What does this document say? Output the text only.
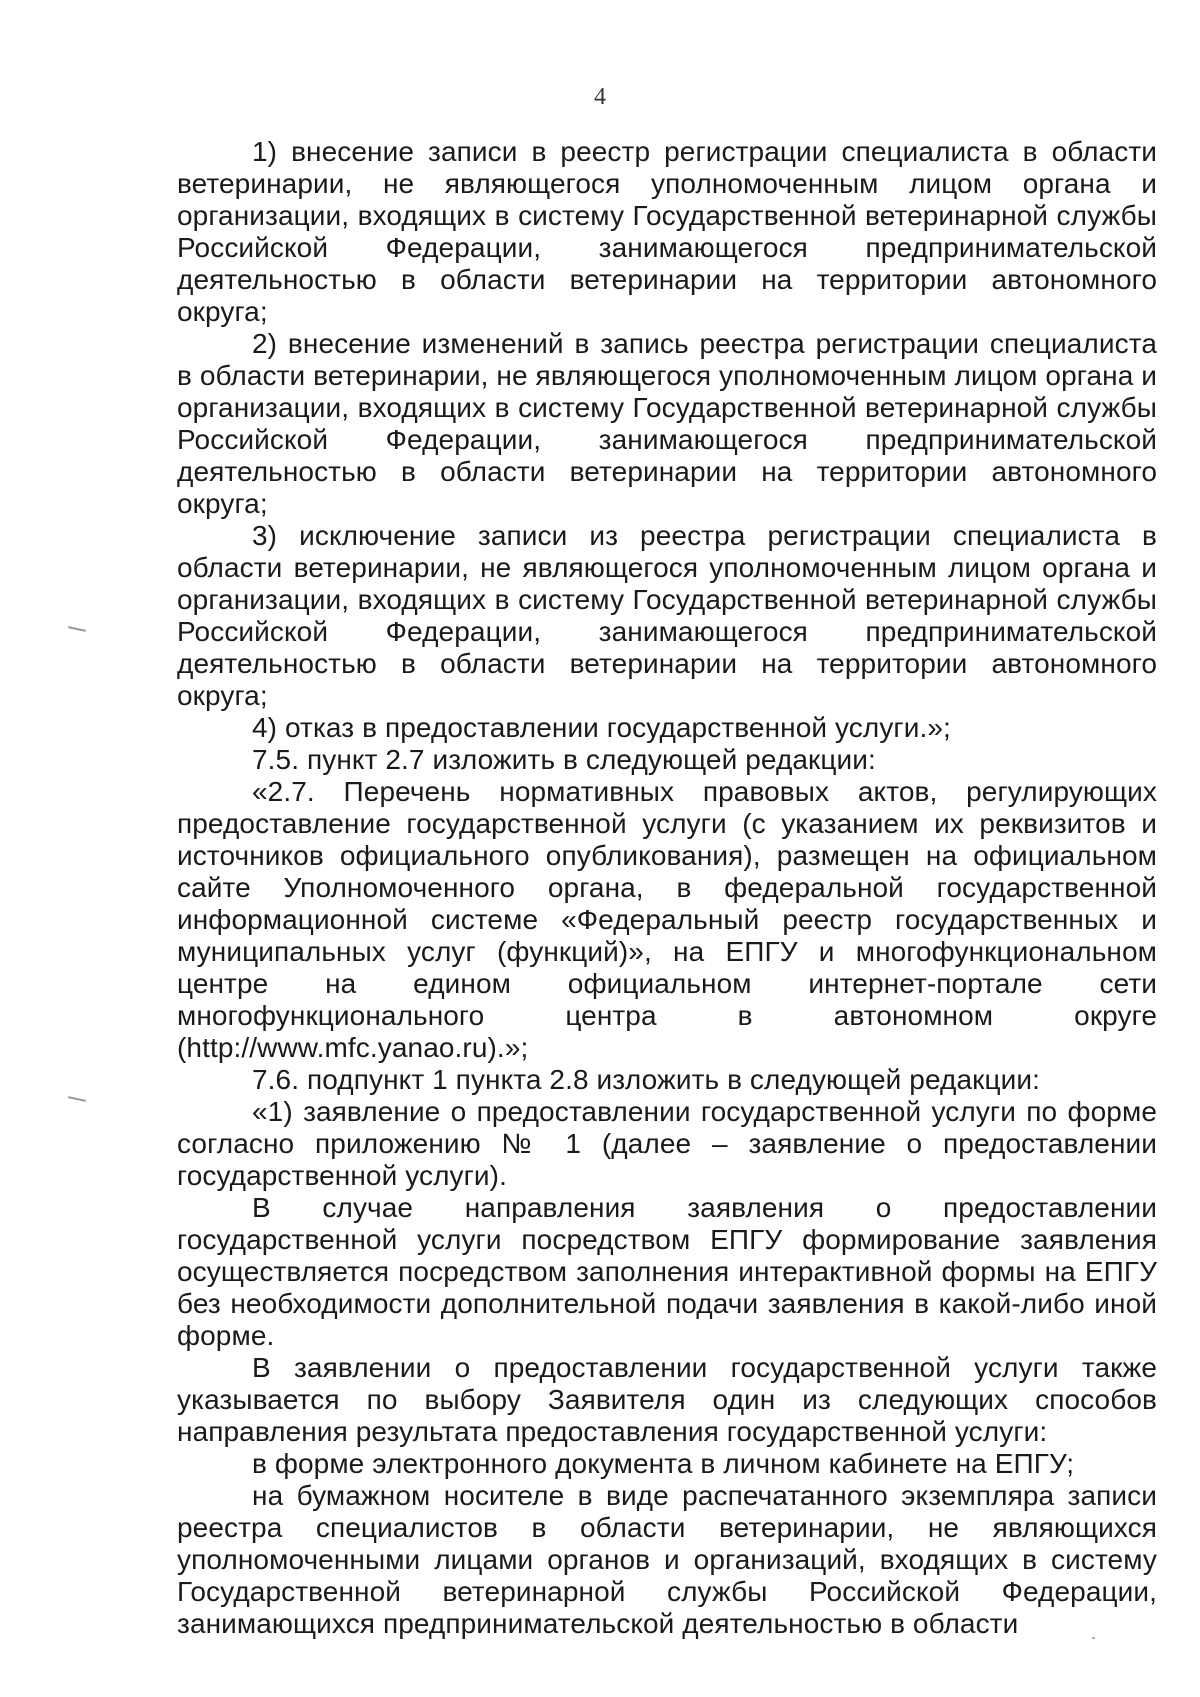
4

1) внесение записи в реестр регистрации специалиста в области ветеринарии, не являющегося уполномоченным лицом органа и организации, входящих в систему Государственной ветеринарной службы Российской Федерации, занимающегося предпринимательской деятельностью в области ветеринарии на территории автономного округа;

2) внесение изменений в запись реестра регистрации специалиста в области ветеринарии, не являющегося уполномоченным лицом органа и организации, входящих в систему Государственной ветеринарной службы Российской Федерации, занимающегося предпринимательской деятельностью в области ветеринарии на территории автономного округа;

3) исключение записи из реестра регистрации специалиста в области ветеринарии, не являющегося уполномоченным лицом органа и организации, входящих в систему Государственной ветеринарной службы Российской Федерации, занимающегося предпринимательской деятельностью в области ветеринарии на территории автономного округа;

4) отказ в предоставлении государственной услуги.»;

7.5. пункт 2.7 изложить в следующей редакции:

«2.7. Перечень нормативных правовых актов, регулирующих предоставление государственной услуги (с указанием их реквизитов и источников официального опубликования), размещен на официальном сайте Уполномоченного органа, в федеральной государственной информационной системе «Федеральный реестр государственных и муниципальных услуг (функций)», на ЕПГУ и многофункциональном центре на едином официальном интернет-портале сети многофункционального центра в автономном округе (http://www.mfc.yanao.ru).»;

7.6. подпункт 1 пункта 2.8 изложить в следующей редакции:

«1) заявление о предоставлении государственной услуги по форме согласно приложению № 1 (далее – заявление о предоставлении государственной услуги).

В случае направления заявления о предоставлении государственной услуги посредством ЕПГУ формирование заявления осуществляется посредством заполнения интерактивной формы на ЕПГУ без необходимости дополнительной подачи заявления в какой-либо иной форме.

В заявлении о предоставлении государственной услуги также указывается по выбору Заявителя один из следующих способов направления результата предоставления государственной услуги:

в форме электронного документа в личном кабинете на ЕПГУ;

на бумажном носителе в виде распечатанного экземпляра записи реестра специалистов в области ветеринарии, не являющихся уполномоченными лицами органов и организаций, входящих в систему Государственной ветеринарной службы Российской Федерации, занимающихся предпринимательской деятельностью в области
